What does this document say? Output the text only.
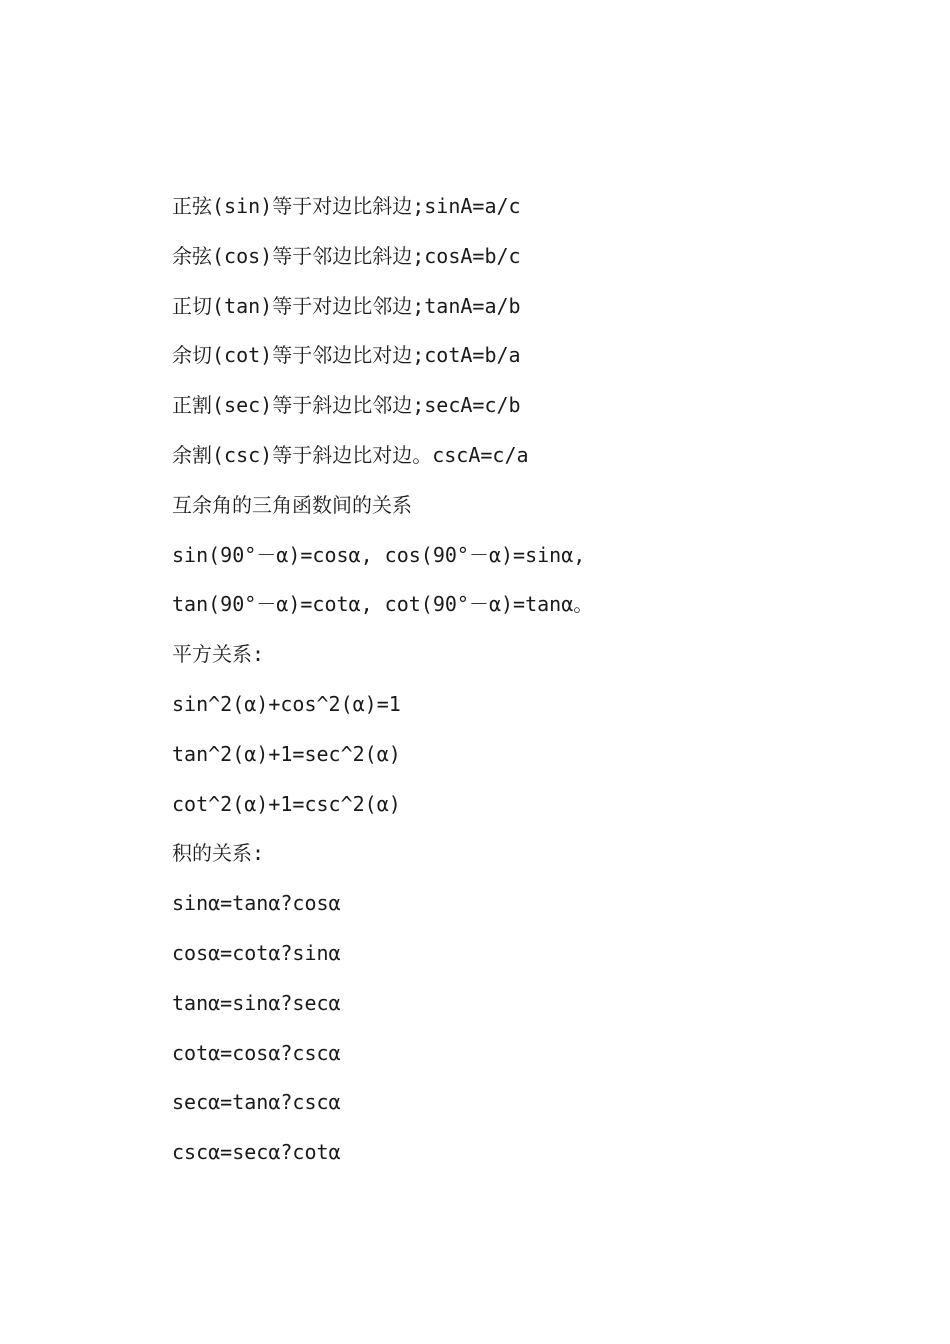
正弦(sin)等于对边比斜边;sinA=a/c
余弦(cos)等于邻边比斜边;cosA=b/c
正切(tan)等于对边比邻边;tanA=a/b
余切(cot)等于邻边比对边;cotA=b/a
正割(sec)等于斜边比邻边;secA=c/b
余割(csc)等于斜边比对边。cscA=c/a
互余角的三角函数间的关系
sin(90°－α)=cosα, cos(90°－α)=sinα,
tan(90°－α)=cotα, cot(90°－α)=tanα。
平方关系:
sin^2(α)+cos^2(α)=1
tan^2(α)+1=sec^2(α)
cot^2(α)+1=csc^2(α)
积的关系:
sinα=tanα?cosα
cosα=cotα?sinα
tanα=sinα?secα
cotα=cosα?cscα
secα=tanα?cscα
cscα=secα?cotα
